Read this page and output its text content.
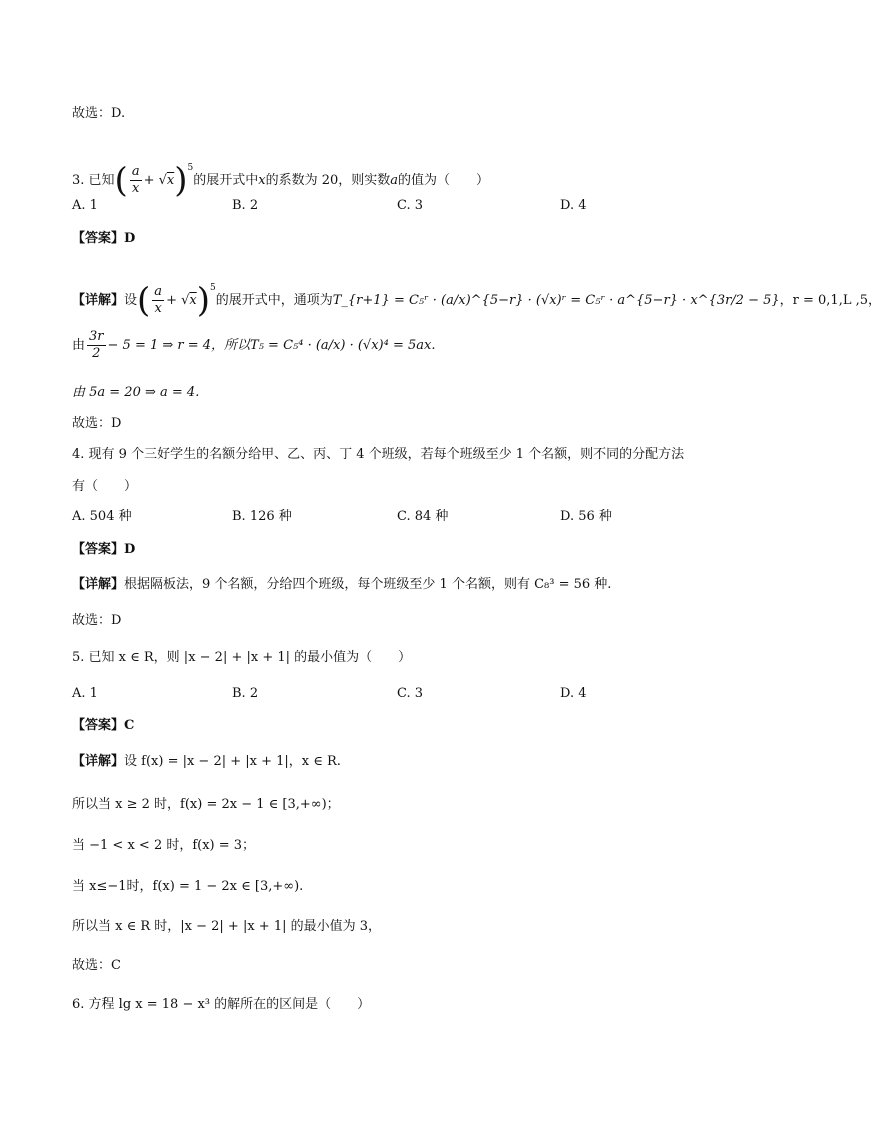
故选：D.
3. 已知( $\frac{a}{x} + √x)^5$的展开式中x的系数为 20，则实数a的值为（　　）
A. 1	B. 2	C. 3	D. 4
【答案】D
【详解】设( $\frac{a}{x} + √x)^5$的展开式中，通项为T_{r+1} = C₅ʳ · (a/x)^{5−r} · (√x)ʳ = C₅ʳ · a^{5−r} · x^{3r/2 − 5}，r = 0,1,L ,5，
由 $\frac{3r}{2} - 5 = 1$ ⇒ r = 4，所以T₅ = C₅⁴ · (a/x) · (√x)⁴ = 5ax.
由 5a = 20 ⇒ a = 4.
故选：D
4. 现有 9 个三好学生的名额分给甲、乙、丙、丁 4 个班级，若每个班级至少 1 个名额，则不同的分配方法
有（　　）
A. 504 种	B. 126 种	C. 84 种	D. 56 种
【答案】D
【详解】根据隔板法，9 个名额，分给四个班级，每个班级至少 1 个名额，则有 C₈³ = 56 种.
故选：D
5. 已知 x ∈ R，则 |x − 2| + |x + 1| 的最小值为（　　）
A. 1	B. 2	C. 3	D. 4
【答案】C
【详解】设 f(x) = |x − 2| + |x + 1|，x ∈ R.
所以当 x ≥ 2 时，f(x) = 2x − 1 ∈ [3,+∞)；
当 −1 < x < 2 时，f(x) = 3；
当 x≤−1时，f(x) = 1 − 2x ∈ [3,+∞).
所以当 x ∈ R 时，|x − 2| + |x + 1| 的最小值为 3，
故选：C
6. 方程 lg x = 18 − x³ 的解所在的区间是（　　）
